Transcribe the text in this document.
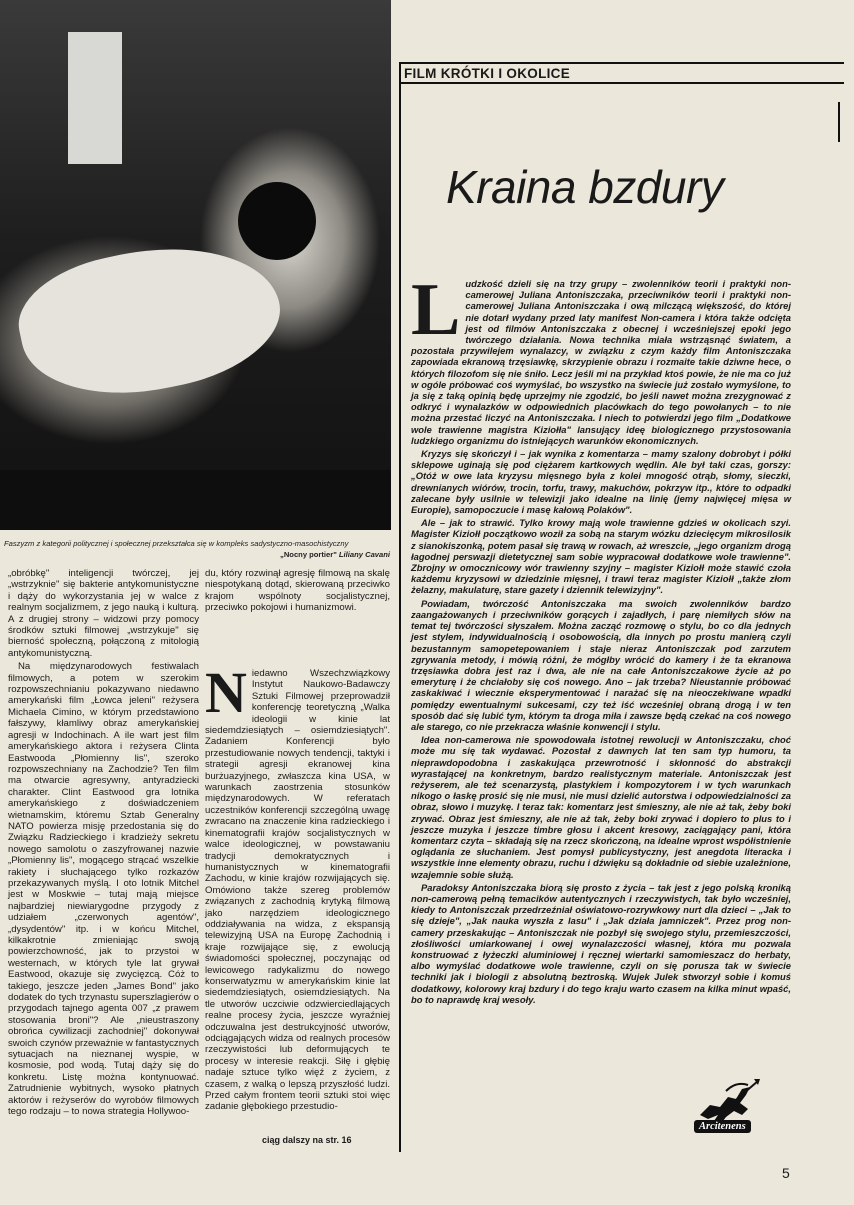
Faszyzm z kategorii politycznej i społecznej przekształca się w kompleks sadystyczno-masochistyczny
„Nocny portier" Liliany Cavani

„obróbkę" inteligencji twórczej, jej „wstrzyknie" się bakterie antykomunistyczne i dąży do wykorzystania jej w walce z realnym socjalizmem, z jego nauką i kulturą. A z drugiej strony – widzowi przy pomocy środków sztuki filmowej „wstrzykuje" się bierność społeczną, połączoną z mitologią antykomunistyczną.

Na międzynarodowych festiwalach filmowych, a potem w szerokim rozpowszechnianiu pokazywano niedawno amerykański film „Łowca jeleni" reżysera Michaela Cimino, w którym przedstawiono fałszywy, kłamliwy obraz amerykańskiej agresji w Indochinach. A ile wart jest film amerykańskiego aktora i reżysera Clinta Eastwooda „Płomienny lis", szeroko rozpowszechniany na Zachodzie? Ten film ma otwarcie agresywny, antyradziecki charakter. Clint Eastwood gra lotnika amerykańskiego z doświadczeniem wietnamskim, któremu Sztab Generalny NATO powierza misję przedostania się do Związku Radzieckiego i kradzieży sekretu nowego samolotu o zaszyfrowanej nazwie „Płomienny lis", mogącego strącać wszelkie rakiety i słuchającego tylko rozkazów przekazywanych myślą. I oto lotnik Mitchel jest w Moskwie – tutaj mają miejsce najbardziej niewiarygodne przygody z udziałem „czerwonych agentów", „dysydentów" itp. i w końcu Mitchel, kilkakrotnie zmieniając swoją powierzchowność, jak to przystoi w westernach, w których tyle lat grywał Eastwood, okazuje się zwycięzcą. Cóż to takiego, jeszcze jeden „James Bond" jako dodatek do tych trzynastu superszlagierów o przygodach tajnego agenta 007 „z prawem stosowania broni"? Ale „nieustraszony obrońca cywilizacji zachodniej" dokonywał swoich czynów przeważnie w fantastycznych sytuacjach na nieznanej wyspie, w kosmosie, pod wodą. Tutaj dąży się do konkretu. Listę można kontynuować. Zatrudnienie wybitnych, wysoko płatnych aktorów i reżyserów do wyrobów filmowych tego rodzaju – to nowa strategia Hollywoo-

du, który rozwinął agresję filmową na skalę niespotykaną dotąd, skierowaną przeciwko krajom wspólnoty socjalistycznej, przeciwko pokojowi i humanizmowi.

Niedawno Wszechzwiązkowy Instytut Naukowo-Badawczy Sztuki Filmowej przeprowadził konferencję teoretyczną „Walka ideologii w kinie lat siedemdziesiątych – osiemdziesiątych". Zadaniem Konferencji było przestudiowanie nowych tendencji, taktyki i strategii agresji ekranowej kina burżuazyjnego, zwłaszcza kina USA, w warunkach zaostrzenia stosunków międzynarodowych. W referatach uczestników konferencji szczególną uwagę zwracano na znaczenie kina radzieckiego i kinematografii krajów socjalistycznych w walce ideologicznej, w powstawaniu tradycji demokratycznych i humanistycznych w kinematografii Zachodu, w kinie krajów rozwijających się. Omówiono także szereg problemów związanych z zachodnią krytyką filmową jako narzędziem ideologicznego oddziaływania na widza, z ekspansją telewizyjną USA na Europę Zachodnią i kraje rozwijające się, z ewolucją świadomości społecznej, poczynając od lewicowego radykalizmu do nowego konserwatyzmu w amerykańskim kinie lat siedemdziesiątych, osiemdziesiątych. Na tle utworów uczciwie odzwierciedlających realne procesy życia, jeszcze wyraźniej odczuwalna jest destrukcyjność utworów, odciągających widza od realnych procesów rzeczywistości lub deformujących te procesy w interesie reakcji. Siłę i głębię nadaje sztuce tylko więź z życiem, z czasem, z walką o lepszą przyszłość ludzi. Przed całym frontem teorii sztuki stoi więc zadanie głębokiego przestudio-

ciąg dalszy na str. 16
FILM KRÓTKI I OKOLICE
Kraina bzdury

Ludzkość dzieli się na trzy grupy – zwolenników teorii i praktyki non-camerowej Juliana Antoniszczaka, przeciwników teorii i praktyki non-camerowej Juliana Antoniszczaka i ową milczącą większość, do której nie dotarł wydany przed laty manifest Non-camera i która także odcięta jest od filmów Antoniszczaka z obecnej i wcześniejszej epoki jego twórczego działania. Nowa technika miała wstrząsnąć światem, a pozostała przywilejem wynalazcy, w związku z czym każdy film Antoniszczaka zapowiada ekranową trzęsiawkę, skrzypienie obrazu i rozmaite takie dziwne hece, o których filozofom się nie śniło. Lecz jeśli mi na przykład ktoś powie, że nie ma co już w ogóle próbować coś wymyślać, bo wszystko na świecie już zostało wymyślone, to ja się z taką opinią będę uprzejmy nie zgodzić, bo jeśli nawet można zrezygnować z odkryć i wynalazków w odpowiednich placówkach do tego powołanych – to nie można przestać liczyć na Antoniszczaka. I niech to potwierdzi jego film „Dodatkowe wole trawienne magistra Kiziołła" lansujący ideę biologicznego przystosowania ludzkiego organizmu do istniejących warunków ekonomicznych.

Kryzys się skończył i – jak wynika z komentarza – mamy szalony dobrobyt i półki sklepowe uginają się pod ciężarem kartkowych wędlin. Ale był taki czas, gorszy: „Otóż w owe lata kryzysu mięsnego była z kolei mnogość otrąb, słomy, sieczki, drewnianych wiórów, trocin, torfu, trawy, makuchów, pokrzyw itp., które to odpadki zalecane były usilnie w telewizji jako idealne na linię (jemy najwięcej mięsa w Europie), samopoczucie i masę kałową Polaków".

Ale – jak to strawić. Tylko krowy mają wole trawienne gdzieś w okolicach szyi. Magister Kiziołł początkowo woził za sobą na starym wózku dziecięcym mikrosilosik z sianokiszonką, potem pasał się trawą w rowach, aż wreszcie, „jego organizm drogą łagodnej perswazji dietetycznej sam sobie wypracował dodatkowe wole trawienne". Zbrojny w omocznicowy wór trawienny szyjny – magister Kiziołł może stawić czoła każdemu kryzysowi w dziedzinie mięsnej, i trawi teraz magister Kiziołł „także złom żelazny, makulaturę, stare gazety i dziennik telewizyjny".

Powiadam, twórczość Antoniszczaka ma swoich zwolenników bardzo zaangażowanych i przeciwników gorących i zajadłych, i parę niemiłych słów na temat tej twórczości słyszałem. Można zacząć rozmowę o stylu, bo co dla jednych jest stylem, indywidualnością i osobowością, dla innych po prostu manierą czyli bezustannym samopetepowaniem i staje nieraz Antoniszczak pod zarzutem zgrywania metody, i mówią różni, że mógłby wrócić do kamery i że ta ekranowa trzęsiawka dobra jest raz i dwa, ale nie na całe Antoniszczakowe życie aż po emeryturę i że chciałoby się coś nowego. Ano – jak trzeba? Nieustannie próbować zaskakiwać i wiecznie eksperymentować i narażać się na nieoczekiwane wpadki pomiędzy ewentualnymi sukcesami, czy też iść wcześniej obraną drogą i w ten sposób dać się lubić tym, którym ta droga miła i zawsze będą czekać na coś nowego ale starego, co nie przekracza właśnie konwencji i stylu.

Idea non-camerowa nie spowodowała istotnej rewolucji w Antoniszczaku, choć może mu się tak wydawać. Pozostał z dawnych lat ten sam typ humoru, ta nieprawdopodobna i zaskakująca przewrotność i skłonność do abstrakcji wyrastającej na konkretnym, bardzo realistycznym materiale. Antoniszczak jest reżyserem, ale też scenarzystą, plastykiem i kompozytorem i w tych warunkach nikogo o łaskę prosić się nie musi, nie musi dzielić autorstwa i odpowiedzialności za obraz, słowo i muzykę. I teraz tak: komentarz jest śmieszny, ale nie aż tak, żeby boki zrywać. Obraz jest śmieszny, ale nie aż tak, żeby boki zrywać i dopiero to plus to i jeszcze muzyka i jeszcze timbre głosu i akcent kresowy, zaciągający pani, która komentarz czyta – składają się na rzecz skończoną, na idealne wprost współistnienie oglądania ze słuchaniem. Jest pomysł publicystyczny, jest anegdota literacka i wszystkie inne elementy obrazu, ruchu i dźwięku są dokładnie od siebie uzależnione, wzajemnie sobie służą.

Paradoksy Antoniszczaka biorą się prosto z życia – tak jest z jego polską kroniką non-camerową pełną temacików autentycznych i rzeczywistych, tak było wcześniej, kiedy to Antoniszczak przedrzeźniał oświatowo-rozrywkowy nurt dla dzieci – „Jak to się dzieje", „Jak nauka wyszła z lasu" i „Jak działa jamniczek". Przez prog non-camery przeskakując – Antoniszczak nie pozbył się swojego stylu, przemieszczości, złośliwości umiarkowanej i owej wynalazczości własnej, która mu pozwala konstruować z łyżeczki aluminiowej i ręcznej wiertarki samomieszacz do herbaty, albo wymyślać dodatkowe wole trawienne, czyli on się porusza tak w świecie techniki jak i biologii z absolutną beztroską. Wujek Julek stworzył sobie i komuś dodatkowy, kolorowy kraj bzdury i do tego kraju warto czasem na kilka minut wpaść, bo to naprawdę kraj wesoły.

Arcitenens
5
